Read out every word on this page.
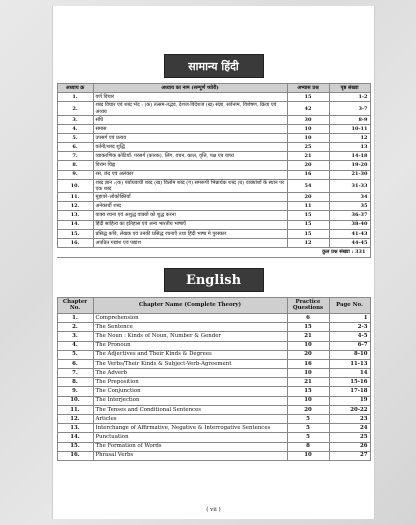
सामान्य हिंदी
अध्याय क्र	अध्याय का नाम (सम्पूर्ण थ्योरी)	अभ्यास प्रश्न	पृष्ठ संख्या
1.	वर्ण विचार	15	1-2
2.	शब्द विचार एवं शब्द भेद : (क) तत्सम-तद्भव, देशज-विदेशज (ख) संज्ञा, सर्वनाम, विशेषण, क्रिया एवं अव्यय	42	3-7
3.	संधि	30	8-9
4.	समास	10	10-11
5.	उपसर्ग एवं प्रत्यय	10	12
6.	वर्तनी/शब्द शुद्धि	25	13
7.	व्याकरणिक कोटियाँ: परसर्ग (कारक), लिंग, वचन, काल, वृत्ति, पक्ष एव वाच्य	21	14-18
8.	विराम चिह्न	20	19-20
9.	रस, छंद एवं अलंकार	16	21-30
10.	शब्द ज्ञान :(क) पर्यायवाची शब्द (ख) विलोम शब्द (ग) समरूपी भिन्नार्थक शब्द (घ) वाक्यांशों के स्थान पर एक शब्द	54	31-33
11.	मुहावरे–लोकोक्तियाँ	20	34
12.	अनेकार्थी शब्द	11	35
13.	वाक्य रचना एवं अशुद्ध वाक्यों को शुद्ध करना	15	36-37
14.	हिंदी साहित्य का इतिहास एवं अन्य भारतीय भाषाएँ	15	38-40
15.	प्रसिद्ध कवि, लेखक एवं उनकी प्रसिद्ध रचनाएँ तथा हिंदी भाषा मे पुरस्कार	15	41-43
16.	अपठित गद्यांश एवं पद्यांश	12	44-45
कुल प्रश्न संख्या : 331			
English
Chapter No.	Chapter Name (Complete Theory)	Practice Questions	Page No.
1.	Comprehension	6	1
2.	The Sentence	15	2-3
3.	The Noun : Kinds of Noun, Number & Gender	21	4-5
4.	The Pronoun	10	6-7
5.	The Adjectives and Their Kinds & Degrees	20	8-10
6.	The Verbs/Their Kinds & Subject-Verb-Agreement	16	11-13
7.	The Adverb	10	14
8.	The Preposition	21	15-16
9.	The Conjunction	15	17-18
10.	The Interjection	10	19
11.	The Tenses and Conditional Sentences	20	20-22
12.	Articles	5	23
13.	Interchange of Affirmative, Negative & Interrogative Sentences	5	24
14.	Punctuation	5	25
15.	The Formation of Words	8	26
16.	Phrasal Verbs	10	27
( vii )
